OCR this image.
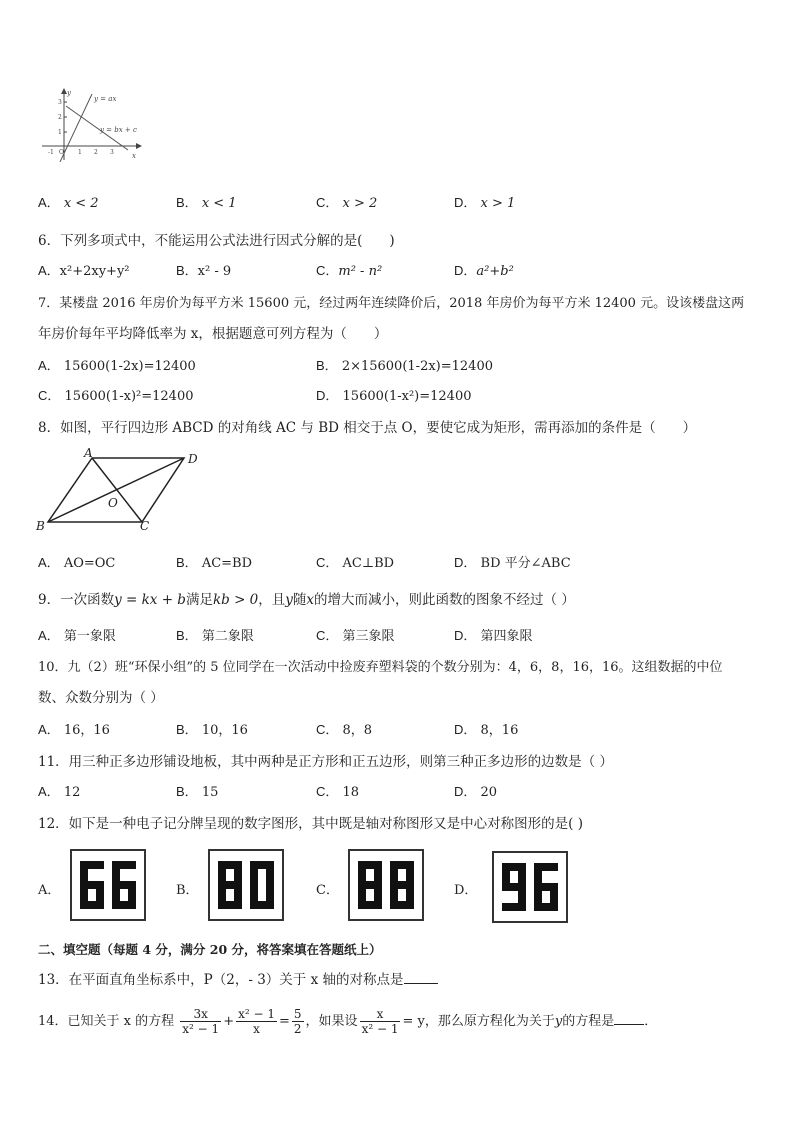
y
y = ax
y = bx + c
x
3
2
1
-1 O 1 2 3
A． x < 2	B． x < 1	C． x > 2	D． x > 1
6．下列多项式中，不能运用公式法进行因式分解的是(　　)
A．x²+2xy+y²	B．x² - 9	C．m² - n²	D．a²+b²
7．某楼盘 2016 年房价为每平方米 15600 元，经过两年连续降价后，2018 年房价为每平方米 12400 元。设该楼盘这两
年房价每年平均降低率为 x，根据题意可列方程为（　　）
A． 15600(1-2x)=12400	B． 2×15600(1-2x)=12400
C． 15600(1-x)²=12400	D． 15600(1-x²)=12400
8．如图，平行四边形 ABCD 的对角线 AC 与 BD 相交于点 O，要使它成为矩形，需再添加的条件是（　　）
A	D
O
B	C
A． AO=OC	B． AC=BD	C． AC⊥BD	D． BD 平分∠ABC
9．一次函数y = kx + b满足kb > 0，且y随x的增大而减小，则此函数的图象不经过（ ）
A． 第一象限	B． 第二象限	C． 第三象限	D． 第四象限
10．九（2）班“环保小组”的 5 位同学在一次活动中捡废弃塑料袋的个数分别为：4，6，8，16，16。这组数据的中位
数、众数分别为（ ）
A． 16，16	B． 10，16	C． 8，8	D． 8，16
11．用三种正多边形铺设地板，其中两种是正方形和正五边形，则第三种正多边形的边数是（ ）
A． 12	B． 15	C． 18	D． 20
12．如下是一种电子记分牌呈现的数字图形，其中既是轴对称图形又是中心对称图形的是( )
A．	B．	C．	D．
二、填空题（每题 4 分，满分 20 分，将答案填在答题纸上）
13．在平面直角坐标系中，P（2，- 3）关于 x 轴的对称点是
14．已知关于 x 的方程 $\frac{3x}{\text{x² − 1}} + \frac{\text{x² − 1}}{x} = \frac{5}{2}$ ，如果设 $\frac{x}{\text{x² − 1}} = y$，那么原方程化为关于y的方程是 ．
